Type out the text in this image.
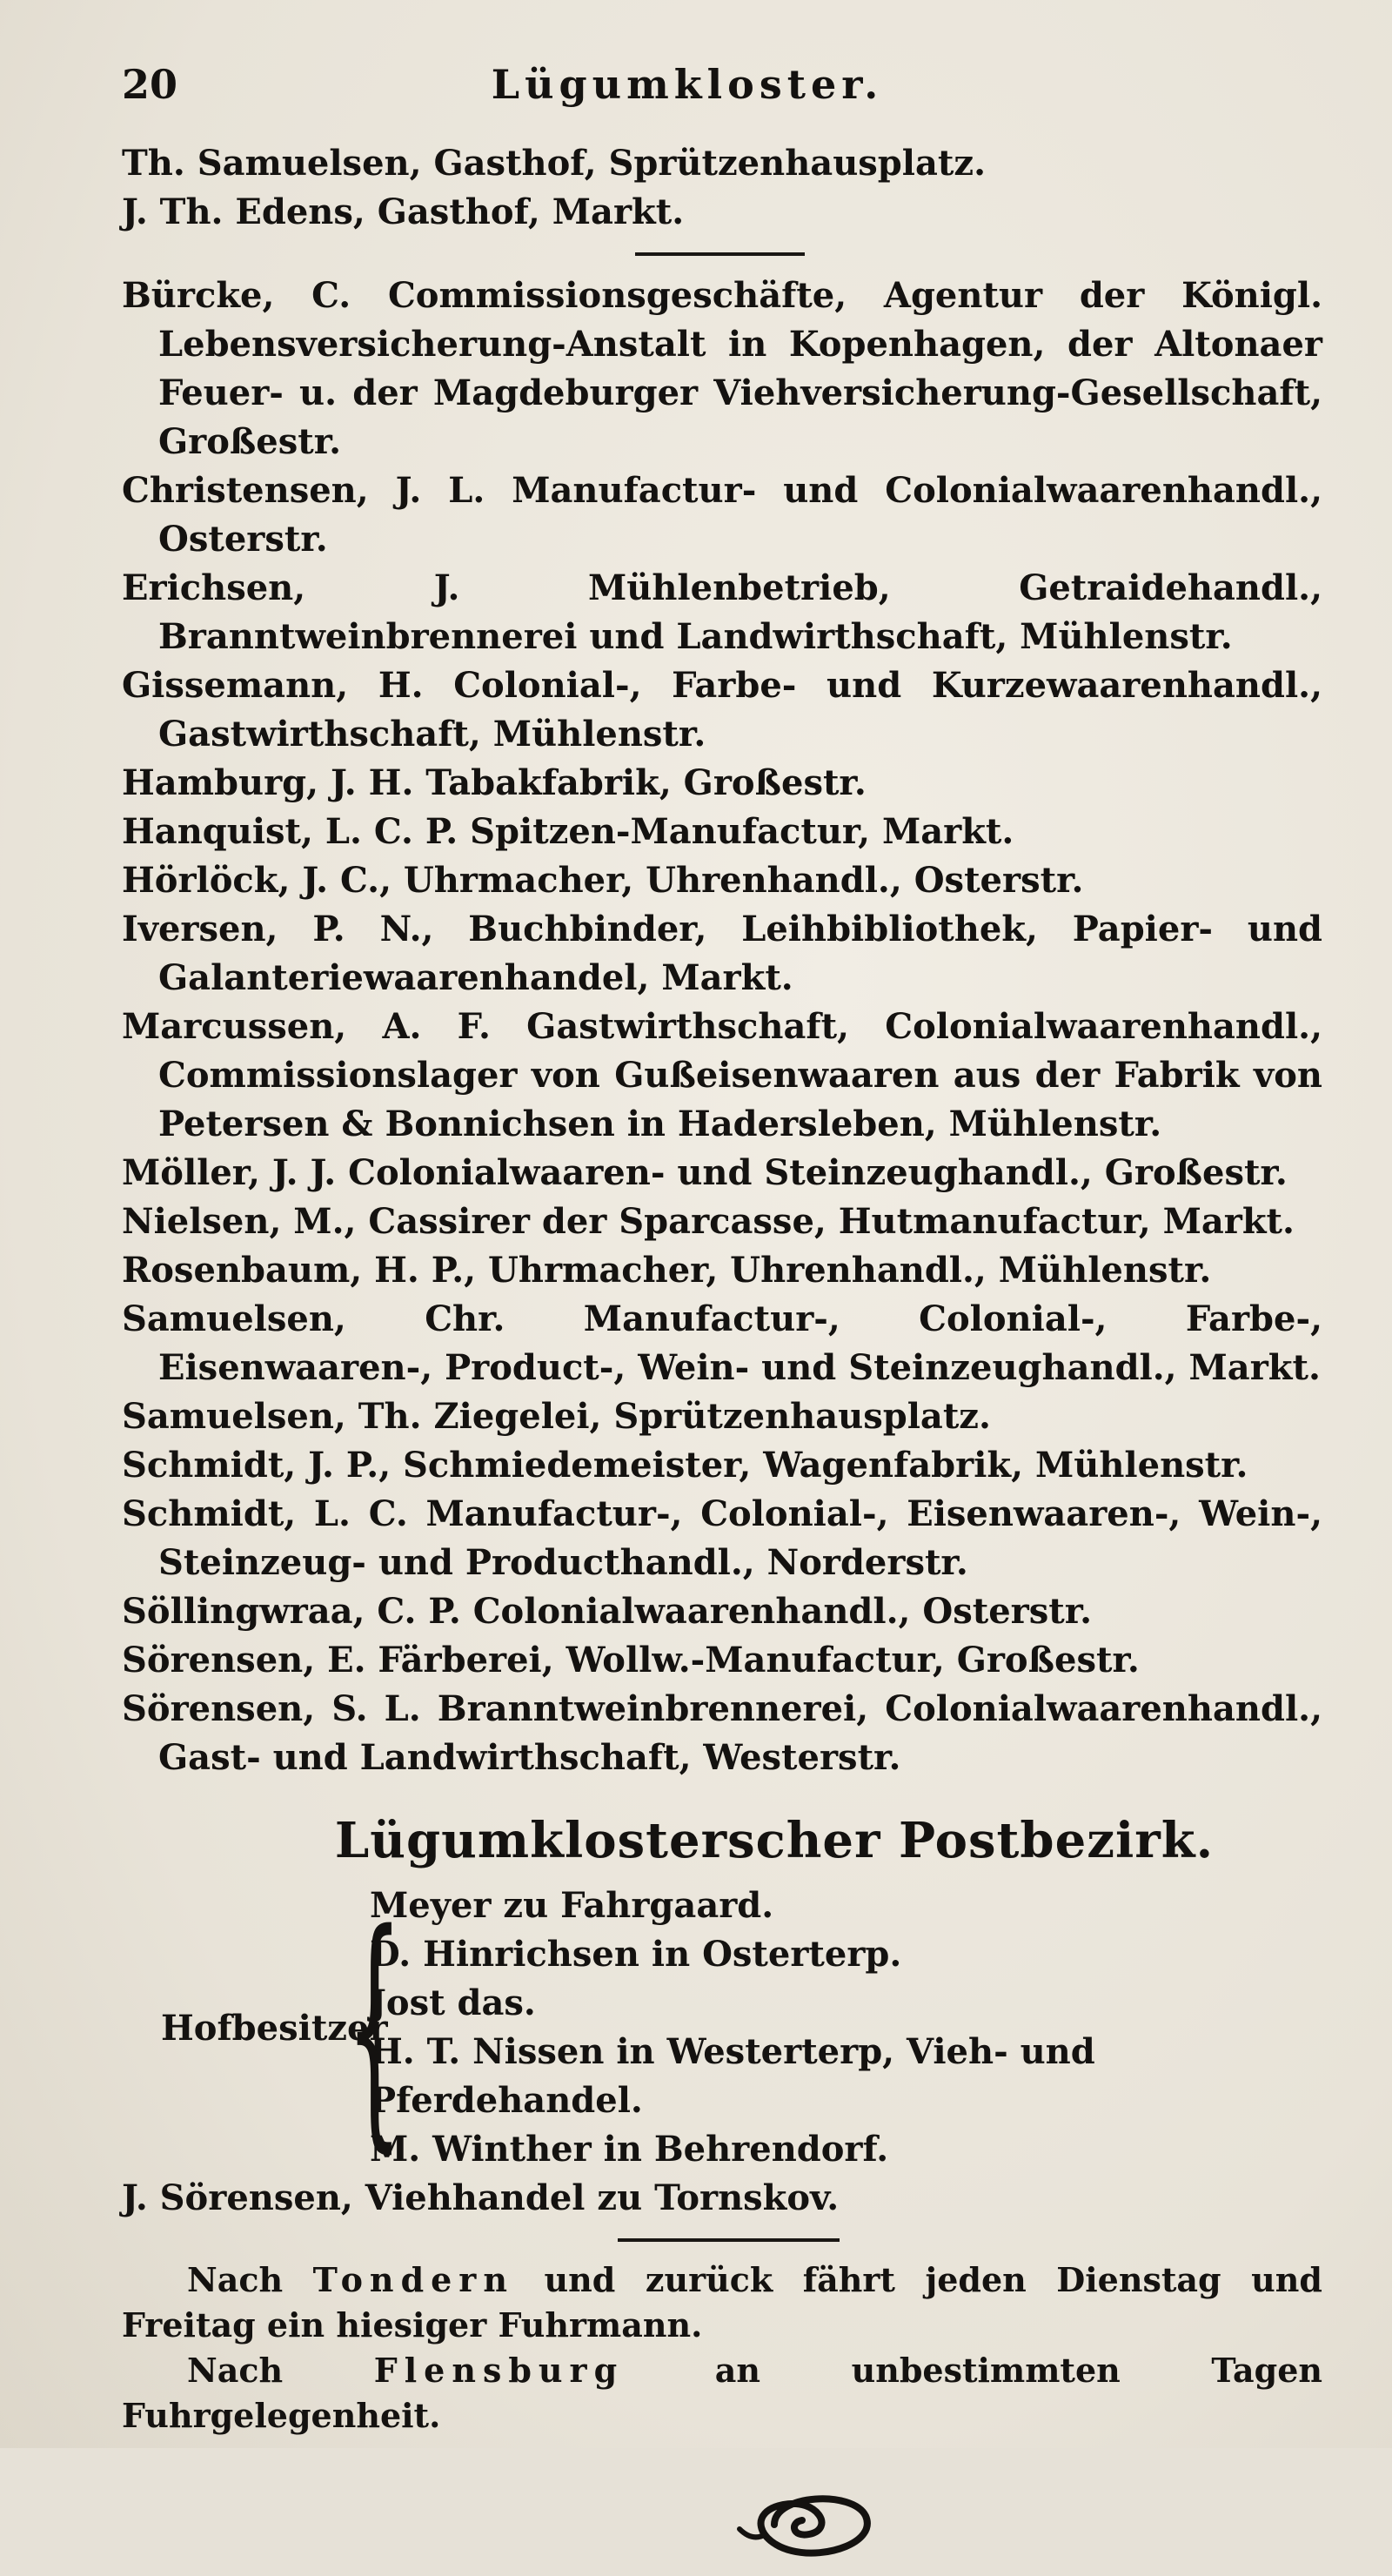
20	Lügumkloster.
Th. Samuelsen, Gasthof, Sprützenhausplatz.
J. Th. Edens, Gasthof, Markt.
Bürcke, C. Commissionsgeschäfte, Agentur der Königl. Lebensversicherung-Anstalt in Kopenhagen, der Altonaer Feuer- u. der Magdeburger Viehversicherung-Gesellschaft, Großestr.
Christensen, J. L. Manufactur- und Colonialwaarenhandl., Osterstr.
Erichsen, J. Mühlenbetrieb, Getraidehandl., Branntweinbrennerei und Landwirthschaft, Mühlenstr.
Gissemann, H. Colonial-, Farbe- und Kurzewaarenhandl., Gastwirthschaft, Mühlenstr.
Hamburg, J. H. Tabakfabrik, Großestr.
Hanquist, L. C. P. Spitzen-Manufactur, Markt.
Hörlöck, J. C., Uhrmacher, Uhrenhandl., Osterstr.
Iversen, P. N., Buchbinder, Leihbibliothek, Papier- und Galanteriewaarenhandel, Markt.
Marcussen, A. F. Gastwirthschaft, Colonialwaarenhandl., Commissionslager von Gußeisenwaaren aus der Fabrik von Petersen & Bonnichsen in Hadersleben, Mühlenstr.
Möller, J. J. Colonialwaaren- und Steinzeughandl., Großestr.
Nielsen, M., Cassirer der Sparcasse, Hutmanufactur, Markt.
Rosenbaum, H. P., Uhrmacher, Uhrenhandl., Mühlenstr.
Samuelsen, Chr. Manufactur-, Colonial-, Farbe-, Eisenwaaren-, Product-, Wein- und Steinzeughandl., Markt.
Samuelsen, Th. Ziegelei, Sprützenhausplatz.
Schmidt, J. P., Schmiedemeister, Wagenfabrik, Mühlenstr.
Schmidt, L. C. Manufactur-, Colonial-, Eisenwaaren-, Wein-, Steinzeug- und Producthandl., Norderstr.
Söllingwraa, C. P. Colonialwaarenhandl., Osterstr.
Sörensen, E. Färberei, Wollw.-Manufactur, Großestr.
Sörensen, S. L. Branntweinbrennerei, Colonialwaarenhandl., Gast- und Landwirthschaft, Westerstr.
Lügumklosterscher Postbezirk.
Hofbesitzer
{
Meyer zu Fahrgaard.
D. Hinrichsen in Osterterp.
Jost das.
H. T. Nissen in Westerterp, Vieh- und Pferdehandel.
M. Winther in Behrendorf.
J. Sörensen, Viehhandel zu Tornskov.
Nach Tondern und zurück fährt jeden Dienstag und Freitag ein hiesiger Fuhrmann.
Nach	Flensburg	an unbestimmten Tagen Fuhrgelegenheit.
